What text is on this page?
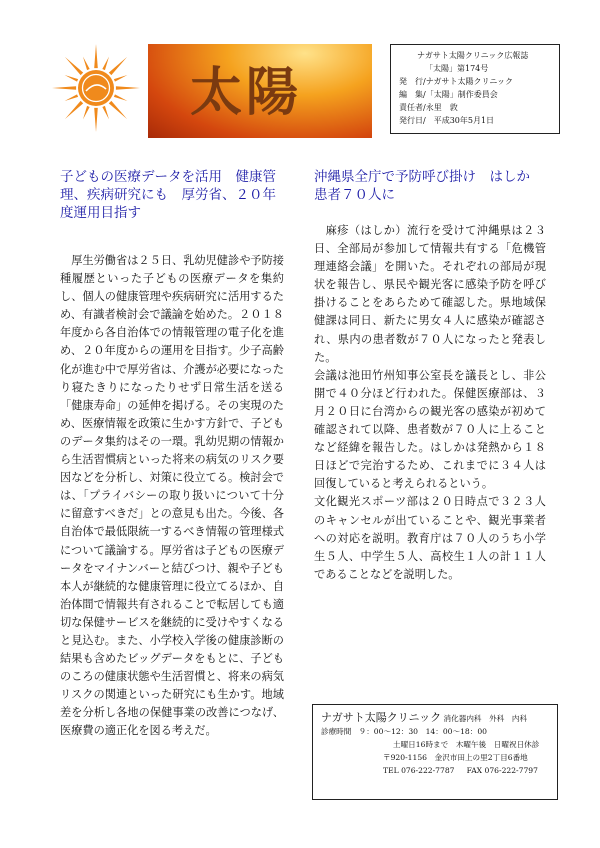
太陽
ナガサト太陽クリニック広報誌
「太陽」第174号
発　行/ナガサト太陽クリニック
編　集/「太陽」制作委員会
責任者/永里　敦
発行日/　平成30年5月1日
子どもの医療データを活用　健康管
理、疾病研究にも　厚労省、２０年
度運用目指す

　厚生労働省は２５日、乳幼児健診や予防接種履歴といった子どもの医療データを集約し、個人の健康管理や疾病研究に活用するため、有識者検討会で議論を始めた。２０１８年度から各自治体での情報管理の電子化を進め、２０年度からの運用を目指す。少子高齢化が進む中で厚労省は、介護が必要になったり寝たきりになったりせず日常生活を送る「健康寿命」の延伸を掲げる。その実現のため、医療情報を政策に生かす方針で、子どものデータ集約はその一環。乳幼児期の情報から生活習慣病といった将来の病気のリスク要因などを分析し、対策に役立てる。検討会では、「プライバシーの取り扱いについて十分に留意すべきだ」との意見も出た。今後、各自治体で最低限統一するべき情報の管理様式について議論する。厚労省は子どもの医療データをマイナンバーと結びつけ、親や子ども本人が継続的な健康管理に役立てるほか、自治体間で情報共有されることで転居しても適切な保健サービスを継続的に受けやすくなると見込む。また、小学校入学後の健康診断の結果も含めたビッグデータをもとに、子どものころの健康状態や生活習慣と、将来の病気リスクの関連といった研究にも生かす。地域差を分析し各地の保健事業の改善につなげ、医療費の適正化を図る考えだ。

沖縄県全庁で予防呼び掛け　はしか
患者７０人に

　麻疹（はしか）流行を受けて沖縄県は２３日、全部局が参加して情報共有する「危機管理連絡会議」を開いた。それぞれの部局が現状を報告し、県民や観光客に感染予防を呼び掛けることをあらためて確認した。県地域保健課は同日、新たに男女４人に感染が確認され、県内の患者数が７０人になったと発表した。

会議は池田竹州知事公室長を議長とし、非公開で４０分ほど行われた。保健医療部は、３月２０日に台湾からの観光客の感染が初めて確認されて以降、患者数が７０人に上ることなど経緯を報告した。はしかは発熱から１８日ほどで完治するため、これまでに３４人は回復していると考えられるという。

文化観光スポーツ部は２０日時点で３２３人のキャンセルが出ていることや、観光事業者への対応を説明。教育庁は７０人のうち小学生５人、中学生５人、高校生１人の計１１人であることなどを説明した。

ナガサト太陽クリニック 消化器内科　外科　内科
診療時間 ９：00～12：30　14：00～18：00
土曜日16時まで　木曜午後　日曜祝日休診
〒920-1156　金沢市田上の里2丁目6番地
TEL 076-222-7787 FAX 076-222-7797
